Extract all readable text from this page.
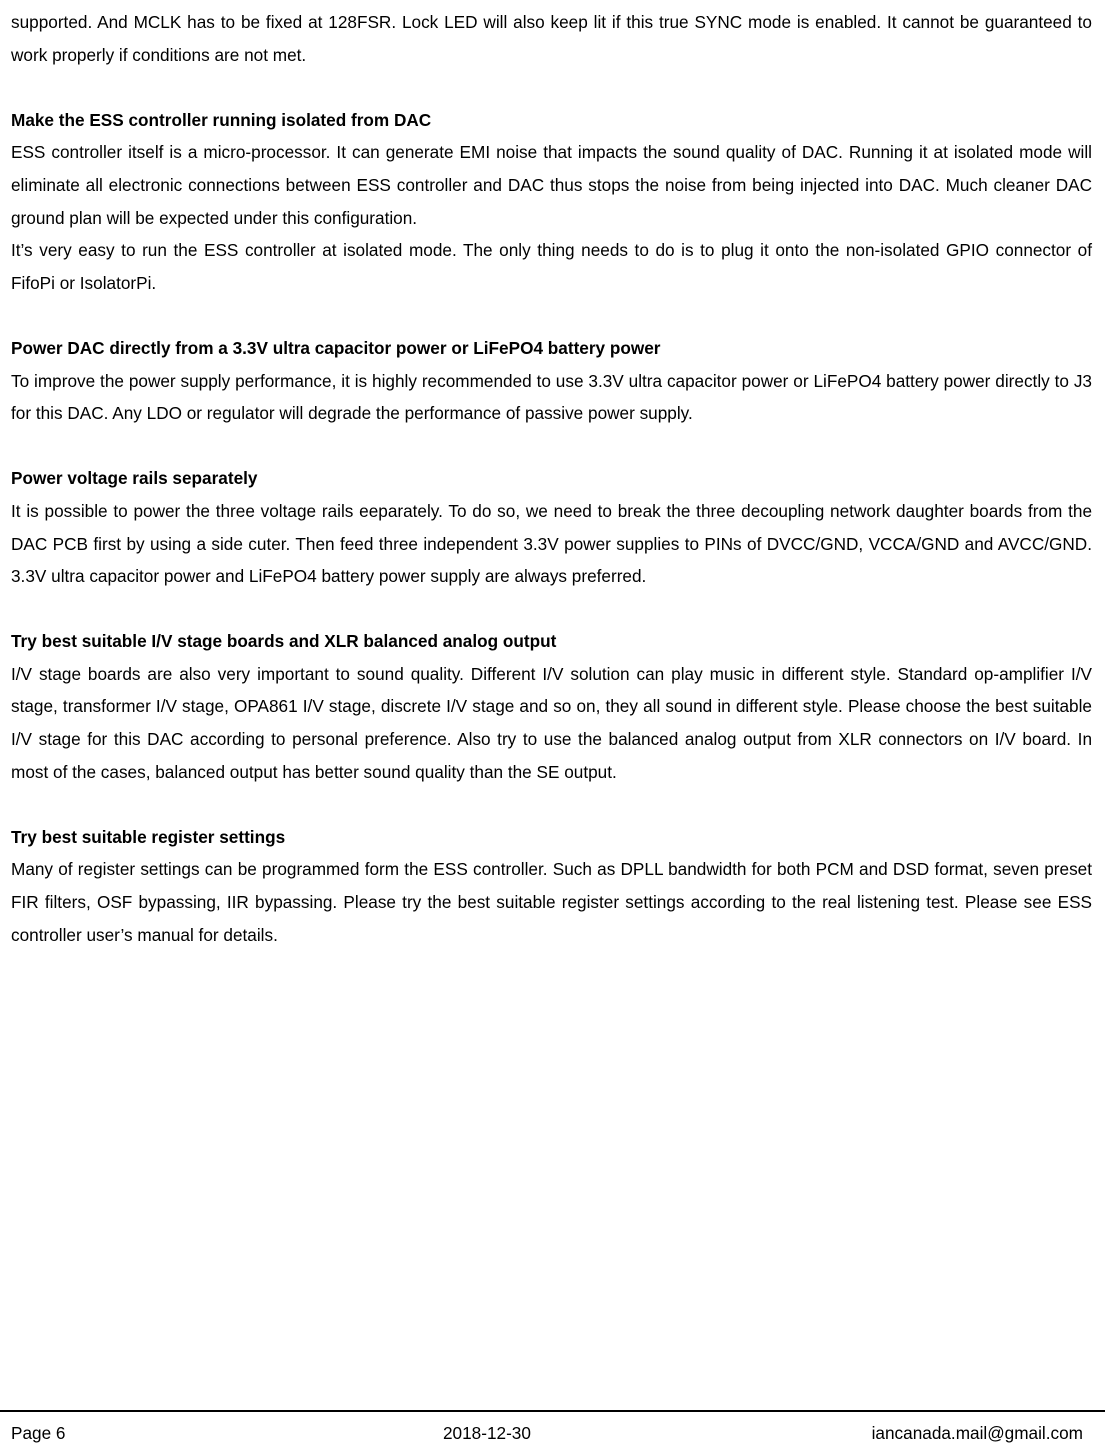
supported. And MCLK has to be fixed at 128FSR. Lock LED will also keep lit if this true SYNC mode is enabled. It cannot be guaranteed to work properly if conditions are not met.

Make the ESS controller running isolated from DAC

ESS controller itself is a micro-processor. It can generate EMI noise that impacts the sound quality of DAC. Running it at isolated mode will eliminate all electronic connections between ESS controller and DAC thus stops the noise from being injected into DAC. Much cleaner DAC ground plan will be expected under this configuration.

It’s very easy to run the ESS controller at isolated mode. The only thing needs to do is to plug it onto the non-isolated GPIO connector of FifoPi or IsolatorPi.

Power DAC directly from a 3.3V ultra capacitor power or LiFePO4 battery power

To improve the power supply performance, it is highly recommended to use 3.3V ultra capacitor power or LiFePO4 battery power directly to J3 for this DAC. Any LDO or regulator will degrade the performance of passive power supply.

Power voltage rails separately

It is possible to power the three voltage rails eeparately. To do so, we need to break the three decoupling network daughter boards from the DAC PCB first by using a side cuter. Then feed three independent 3.3V power supplies to PINs of DVCC/GND, VCCA/GND and AVCC/GND. 3.3V ultra capacitor power and LiFePO4 battery power supply are always preferred.

Try best suitable I/V stage boards and XLR balanced analog output

I/V stage boards are also very important to sound quality. Different I/V solution can play music in different style. Standard op-amplifier I/V stage, transformer I/V stage, OPA861 I/V stage, discrete I/V stage and so on, they all sound in different style. Please choose the best suitable I/V stage for this DAC according to personal preference. Also try to use the balanced analog output from XLR connectors on I/V board. In most of the cases, balanced output has better sound quality than the SE output.

Try best suitable register settings

Many of register settings can be programmed form the ESS controller. Such as DPLL bandwidth for both PCM and DSD format, seven preset FIR filters, OSF bypassing, IIR bypassing. Please try the best suitable register settings according to the real listening test. Please see ESS controller user’s manual for details.

Page 6	2018-12-30	iancanada.mail@gmail.com
